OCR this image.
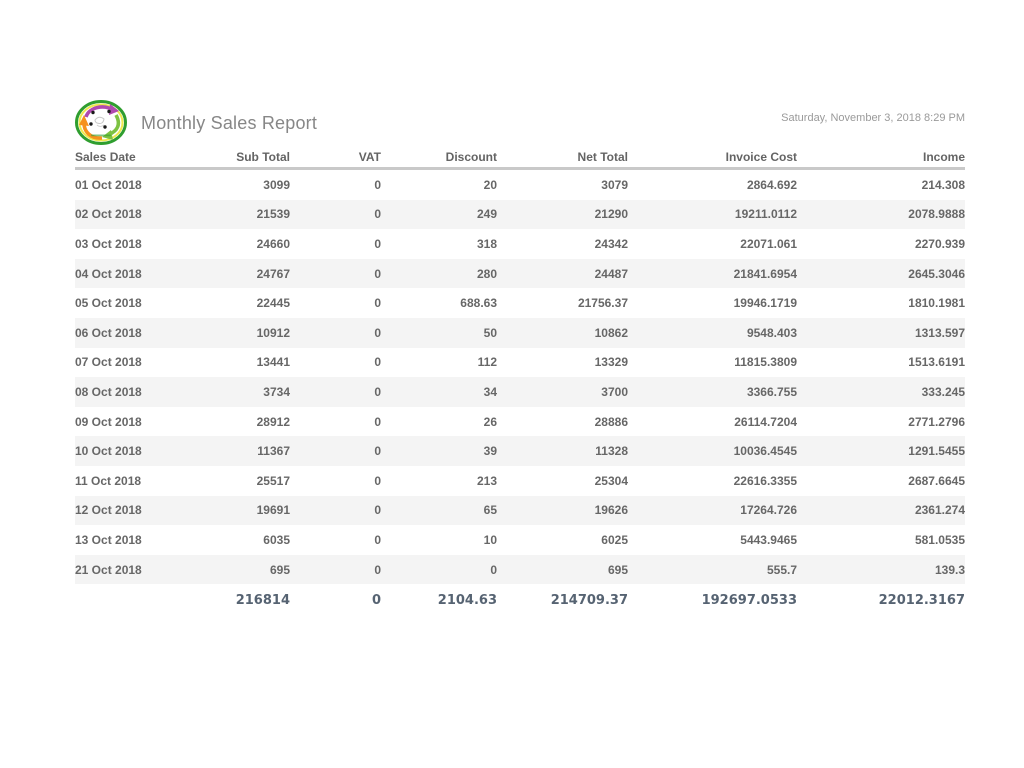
Monthly Sales Report	Saturday, November 3, 2018 8:29 PM
Sales Date	Sub Total	VAT	Discount	Net Total	Invoice Cost	Income
01 Oct 2018	3099	0	20	3079	2864.692	214.308
02 Oct 2018	21539	0	249	21290	19211.0112	2078.9888
03 Oct 2018	24660	0	318	24342	22071.061	2270.939
04 Oct 2018	24767	0	280	24487	21841.6954	2645.3046
05 Oct 2018	22445	0	688.63	21756.37	19946.1719	1810.1981
06 Oct 2018	10912	0	50	10862	9548.403	1313.597
07 Oct 2018	13441	0	112	13329	11815.3809	1513.6191
08 Oct 2018	3734	0	34	3700	3366.755	333.245
09 Oct 2018	28912	0	26	28886	26114.7204	2771.2796
10 Oct 2018	11367	0	39	11328	10036.4545	1291.5455
11 Oct 2018	25517	0	213	25304	22616.3355	2687.6645
12 Oct 2018	19691	0	65	19626	17264.726	2361.274
13 Oct 2018	6035	0	10	6025	5443.9465	581.0535
21 Oct 2018	695	0	0	695	555.7	139.3
	216814	0	2104.63	214709.37	192697.0533	22012.3167
